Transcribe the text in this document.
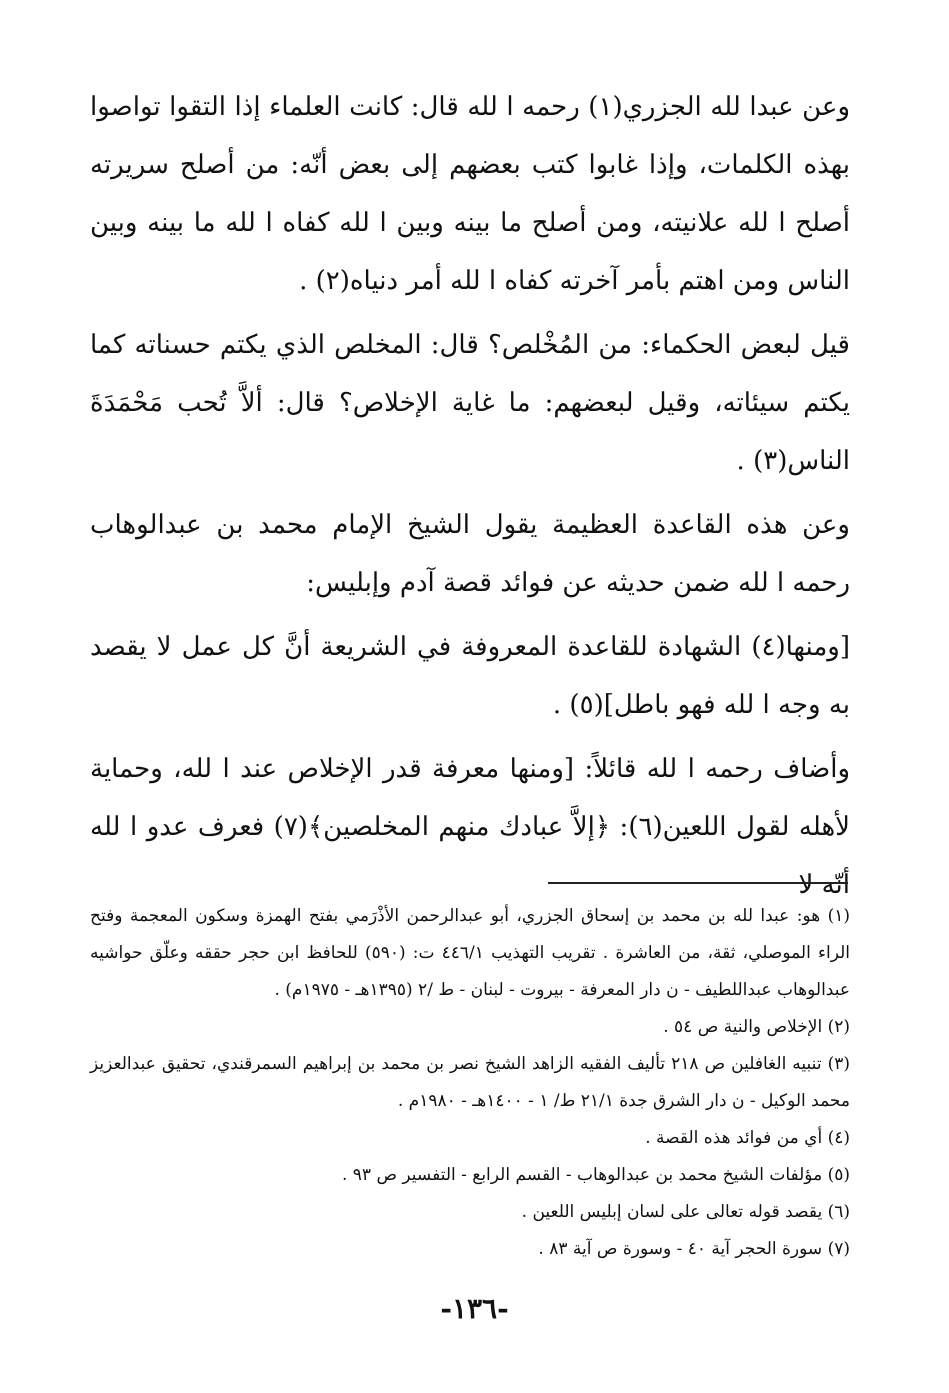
وعن عبدا لله الجزري(١) رحمه ا لله قال: كانت العلماء إذا التقوا تواصوا بهذه الكلمات، وإذا غابوا كتب بعضهم إلى بعض أنّه: من أصلح سريرته أصلح ا لله علانيته، ومن أصلح ما بينه وبين ا لله كفاه ا لله ما بينه وبين الناس ومن اهتم بأمر آخرته كفاه ا لله أمر دنياه(٢) .

قيل لبعض الحكماء: من المُخْلص؟ قال: المخلص الذي يكتم حسناته كما يكتم سيئاته، وقيل لبعضهم: ما غاية الإخلاص؟ قال: ألاَّ تُحب مَحْمَدَةَ الناس(٣) .

وعن هذه القاعدة العظيمة يقول الشيخ الإمام محمد بن عبدالوهاب رحمه ا لله ضمن حديثه عن فوائد قصة آدم وإبليس:

[ومنها(٤) الشهادة للقاعدة المعروفة في الشريعة أنَّ كل عمل لا يقصد به وجه ا لله فهو باطل](٥) .

وأضاف رحمه ا لله قائلاً: [ومنها معرفة قدر الإخلاص عند ا لله، وحماية لأهله لقول اللعين(٦): ﴿إلاَّ عبادك منهم المخلصين﴾(٧) فعرف عدو ا لله أنّه لا

(١) هو: عبدا لله بن محمد بن إسحاق الجزري، أبو عبدالرحمن الأذْرَمي بفتح الهمزة وسكون المعجمة وفتح الراء الموصلي، ثقة، من العاشرة . تقريب التهذيب ٤٤٦/١ ت: (٥٩٠) للحافظ ابن حجر حققه وعلّق حواشيه عبدالوهاب عبداللطيف - ن دار المعرفة - بيروت - لبنان - ط /٢ (١٣٩٥هـ - ١٩٧٥م) .

(٢) الإخلاص والنية ص ٥٤ .

(٣) تنبيه الغافلين ص ٢١٨ تأليف الفقيه الزاهد الشيخ نصر بن محمد بن إبراهيم السمرقندي، تحقيق عبدالعزيز محمد الوكيل - ن دار الشرق جدة ٢١/١ ط/ ١ - ١٤٠٠هـ - ١٩٨٠م .

(٤) أي من فوائد هذه القصة .

(٥) مؤلفات الشيخ محمد بن عبدالوهاب - القسم الرابع - التفسير ص ٩٣ .

(٦) يقصد قوله تعالى على لسان إبليس اللعين .

(٧) سورة الحجر آية ٤٠ - وسورة ص آية ٨٣ .

-١٣٦-
